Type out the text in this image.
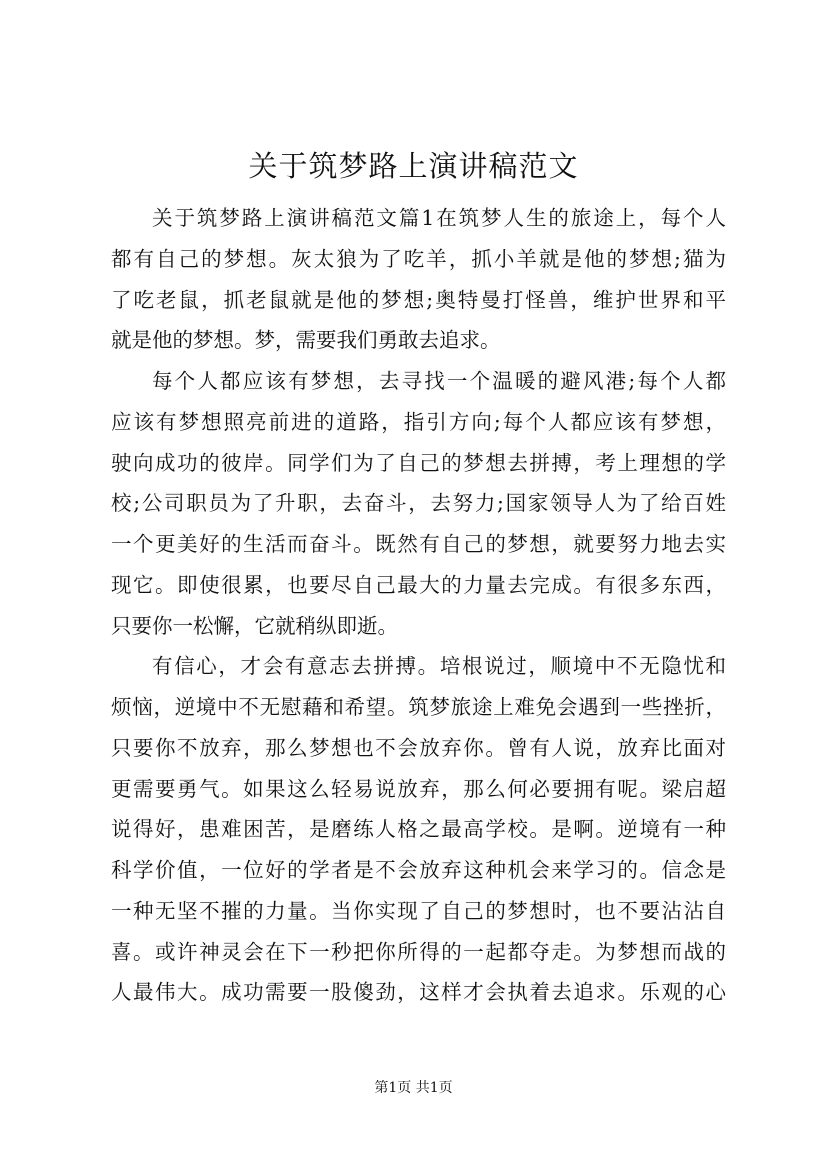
关于筑梦路上演讲稿范文
关于筑梦路上演讲稿范文篇1在筑梦人生的旅途上，每个人
都有自己的梦想。灰太狼为了吃羊，抓小羊就是他的梦想;猫为
了吃老鼠，抓老鼠就是他的梦想;奥特曼打怪兽，维护世界和平
就是他的梦想。梦，需要我们勇敢去追求。
每个人都应该有梦想，去寻找一个温暖的避风港;每个人都
应该有梦想照亮前进的道路，指引方向;每个人都应该有梦想，
驶向成功的彼岸。同学们为了自己的梦想去拼搏，考上理想的学
校;公司职员为了升职，去奋斗，去努力;国家领导人为了给百姓
一个更美好的生活而奋斗。既然有自己的梦想，就要努力地去实
现它。即使很累，也要尽自己最大的力量去完成。有很多东西，
只要你一松懈，它就稍纵即逝。
有信心，才会有意志去拼搏。培根说过，顺境中不无隐忧和
烦恼，逆境中不无慰藉和希望。筑梦旅途上难免会遇到一些挫折，
只要你不放弃，那么梦想也不会放弃你。曾有人说，放弃比面对
更需要勇气。如果这么轻易说放弃，那么何必要拥有呢。梁启超
说得好，患难困苦，是磨练人格之最高学校。是啊。逆境有一种
科学价值，一位好的学者是不会放弃这种机会来学习的。信念是
一种无坚不摧的力量。当你实现了自己的梦想时，也不要沾沾自
喜。或许神灵会在下一秒把你所得的一起都夺走。为梦想而战的
人最伟大。成功需要一股傻劲，这样才会执着去追求。乐观的心
第1页 共1页
